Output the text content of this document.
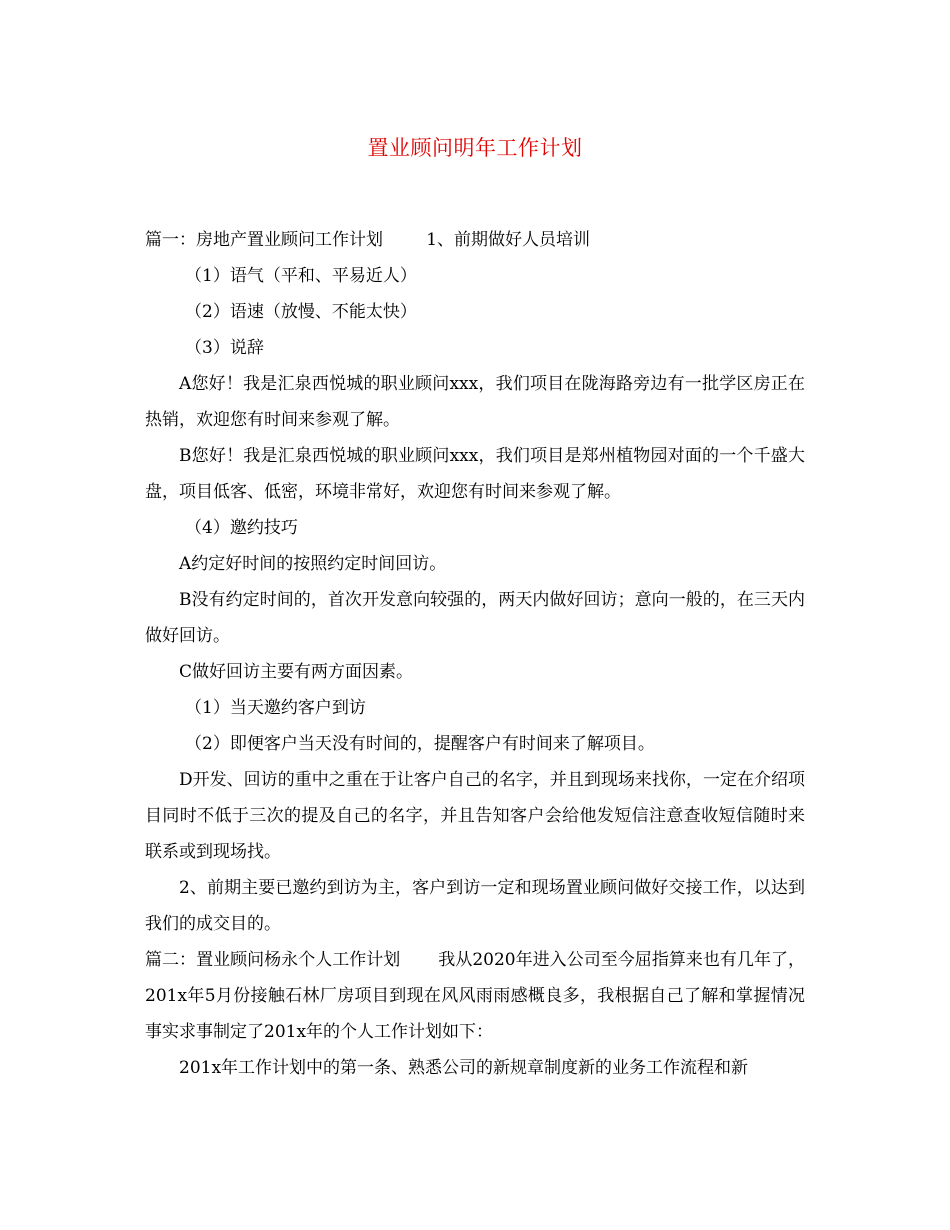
置业顾问明年工作计划

篇一：房地产置业顾问工作计划        1、前期做好人员培训

（1）语气（平和、平易近人）

（2）语速（放慢、不能太快）

（3）说辞

A您好！我是汇泉西悦城的职业顾问xxx，我们项目在陇海路旁边有一批学区房正在热销，欢迎您有时间来参观了解。

B您好！我是汇泉西悦城的职业顾问xxx，我们项目是郑州植物园对面的一个千盛大盘，项目低客、低密，环境非常好，欢迎您有时间来参观了解。

（4）邀约技巧

A约定好时间的按照约定时间回访。

B没有约定时间的，首次开发意向较强的，两天内做好回访；意向一般的，在三天内做好回访。

C做好回访主要有两方面因素。

（1）当天邀约客户到访

（2）即便客户当天没有时间的，提醒客户有时间来了解项目。

D开发、回访的重中之重在于让客户自己的名字，并且到现场来找你，一定在介绍项目同时不低于三次的提及自己的名字，并且告知客户会给他发短信注意查收短信随时来联系或到现场找。

2、前期主要已邀约到访为主，客户到访一定和现场置业顾问做好交接工作，以达到我们的成交目的。

篇二：置业顾问杨永个人工作计划       我从2020年进入公司至今屈指算来也有几年了，201x年5月份接触石林厂房项目到现在风风雨雨感概良多，我根据自己了解和掌握情况事实求事制定了201x年的个人工作计划如下：

201x年工作计划中的第一条、熟悉公司的新规章制度新的业务工作流程和新
